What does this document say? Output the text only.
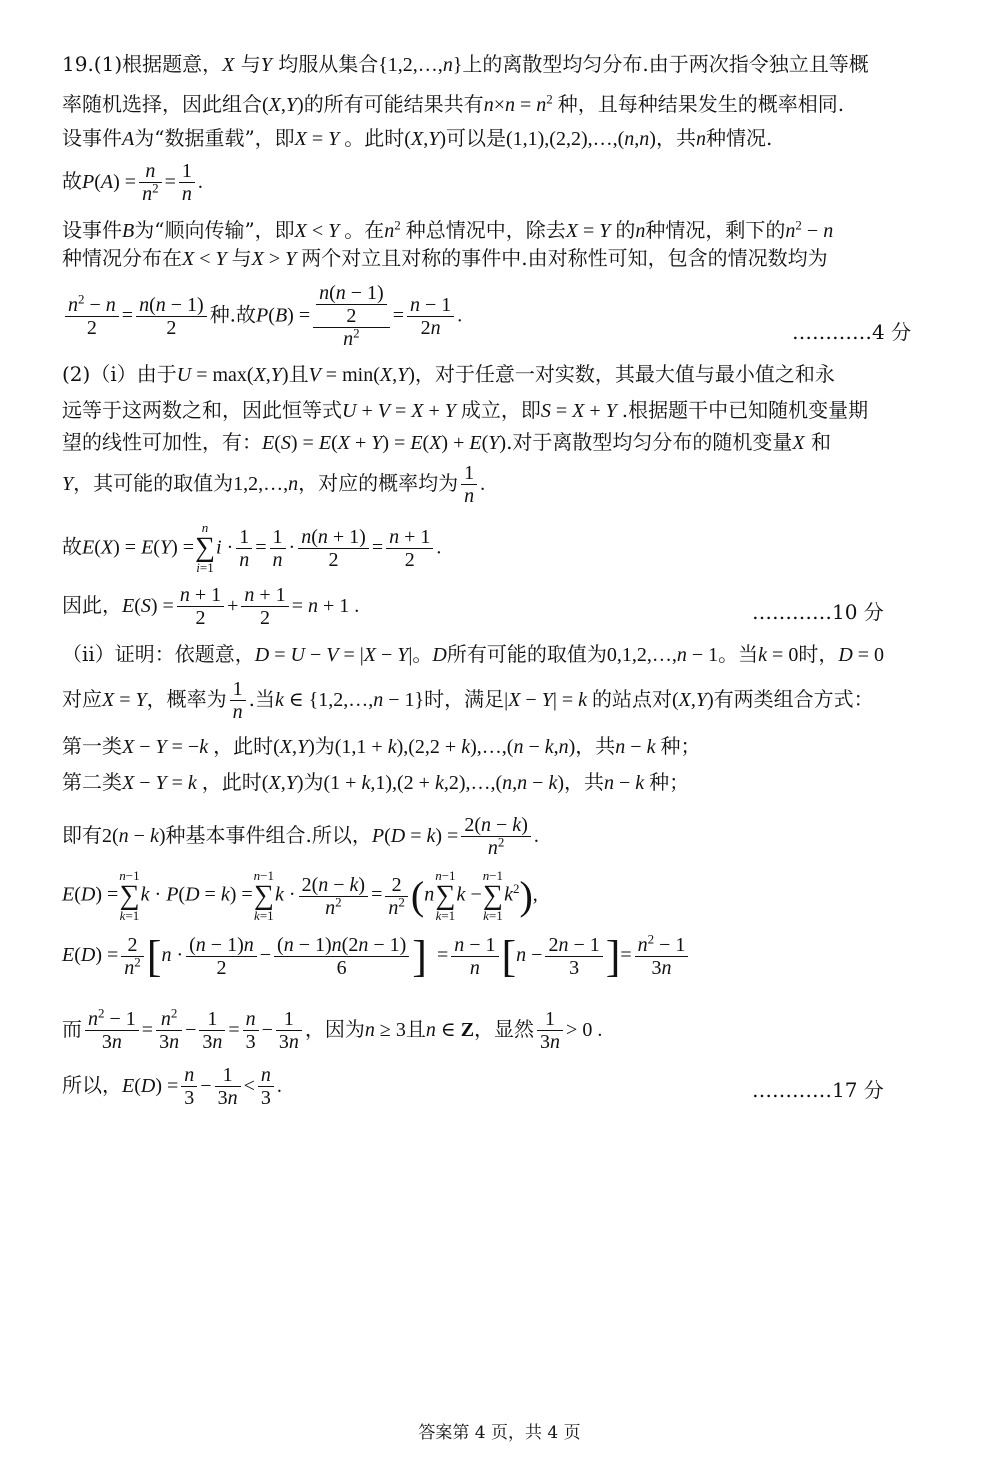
19.(1)根据题意，X 与Y 均服从集合{1,2,…,n}上的离散型均匀分布.由于两次指令独立且等概
率随机选择，因此组合(X,Y)的所有可能结果共有$n\times n = n^2$ 种，且每种结果发生的概率相同.
设事件A为“数据重载”，即X = Y 。此时(X,Y)可以是(1,1),(2,2),…,(n,n)，共n种情况.
故$P(A) = \frac{n}{n^2} = \frac{1}{n}$ .
设事件B为“顺向传输”，即X < Y 。在$n^2$ 种总情况中，除去X = Y 的n种情况，剩下的$n^2 - n$
种情况分布在X < Y 与X > Y 两个对立且对称的事件中.由对称性可知，包含的情况数均为
$\frac{n^2 - n}{2} = \frac{n(n - 1)}{2}$ 种.故$P(B) = \frac{\frac{n(n - 1)}{2}}{n^2} = \frac{n - 1}{2n}$ .
…………4 分
(2)（i）由于U = max(X,Y)且V = min(X,Y)，对于任意一对实数，其最大值与最小值之和永
远等于这两数之和，因此恒等式U + V = X + Y 成立，即S = X + Y .根据题干中已知随机变量期
望的线性可加性，有：E(S) = E(X + Y) = E(X) + E(Y).对于离散型均匀分布的随机变量X 和
Y，其可能的取值为1,2,…,n，对应的概率均为 $\frac{1}{n}$ .
故E(X) = E(Y) =n
∑
$i=1i \cdot \frac{1}{n} = \frac{1}{n} \cdot \frac{n(n + 1)}{2} = \frac{n + 1}{2}$ .
因此，$E(S) = \frac{n + 1}{2} + \frac{n + 1}{2} = n + 1$ .	…………10 分
（ii）证明：依题意，D = U − V = |X − Y|。D所有可能的取值为0,1,2,…,n − 1。当k = 0时，D = 0
对应X = Y，概率为 $\frac{1}{n}$ .当k ∈ {1,2,…,n − 1}时，满足|X − Y| = k 的站点对(X,Y)有两类组合方式：
第一类X − Y = −k ，此时(X,Y)为(1,1 + k),(2,2 + k),…,(n − k,n)，共n − k 种；
第二类X − Y = k ，此时(X,Y)为(1 + k,1),(2 + k,2),…,(n,n − k)，共n − k 种；
即有2(n − k)种基本事件组合.所以，$P(D = k) = \frac{2(n - k)}{n^2}$ .
E(D) =n−1
∑
k=1k · P(D = k) =n−1
∑
$k=1k \cdot \frac{2(n - k)}{n^2} = \frac{2}{n^2} (nn-1$
∑
k=1k −n−1
∑
$k=1k^2$),
$E(D) = \frac{2}{n^2} [n \cdot \frac{(n - 1)n}{2} - \frac{(n - 1)n(2n - 1)}{6}$ ]  = $\frac{n - 1}{n} [n - \frac{2n - 1}{3}$ ]= $\frac{n^2 - 1}{3n}$
而 $\frac{n^2 - 1}{3n} = \frac{n^2}{3n} - \frac{1}{3n} = \frac{n}{3} - \frac{1}{3n}$ ，因为n ≥ 3且n ∈ Z，显然 $\frac{1}{3n} > 0$ .
所以，$E(D) = \frac{n}{3} - \frac{1}{3n} < \frac{n}{3}$ .	…………17 分
答案第 4 页，共 4 页
